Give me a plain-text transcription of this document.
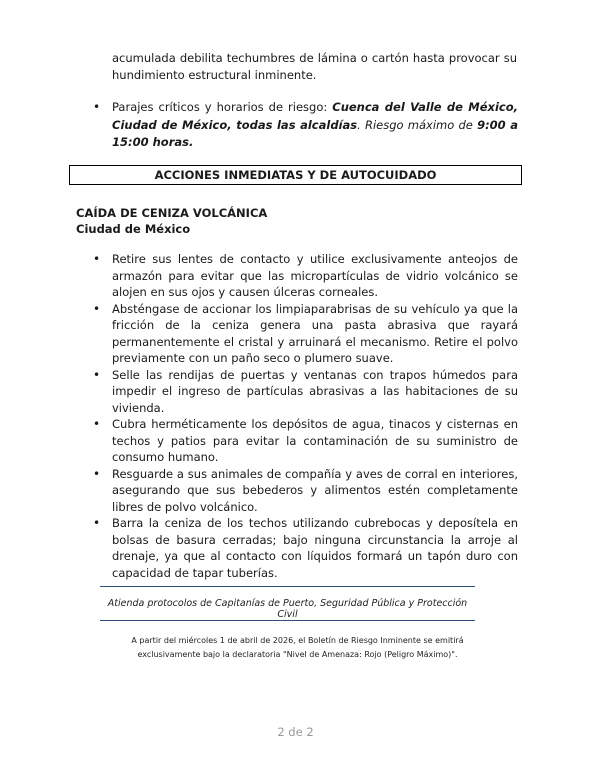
acumulada debilita techumbres de lámina o cartón hasta provocar su hundimiento estructural inminente.

• Parajes críticos y horarios de riesgo: Cuenca del Valle de México, Ciudad de México, todas las alcaldías. Riesgo máximo de 9:00 a 15:00 horas.
ACCIONES INMEDIATAS Y DE AUTOCUIDADO
CAÍDA DE CENIZA VOLCÁNICA
Ciudad de México
• Retire sus lentes de contacto y utilice exclusivamente anteojos de armazón para evitar que las micropartículas de vidrio volcánico se alojen en sus ojos y causen úlceras corneales.
• Absténgase de accionar los limpiaparabrisas de su vehículo ya que la fricción de la ceniza genera una pasta abrasiva que rayará permanentemente el cristal y arruinará el mecanismo. Retire el polvo previamente con un paño seco o plumero suave.
• Selle las rendijas de puertas y ventanas con trapos húmedos para impedir el ingreso de partículas abrasivas a las habitaciones de su vivienda.
• Cubra herméticamente los depósitos de agua, tinacos y cisternas en techos y patios para evitar la contaminación de su suministro de consumo humano.
• Resguarde a sus animales de compañía y aves de corral en interiores, asegurando que sus bebederos y alimentos estén completamente libres de polvo volcánico.
• Barra la ceniza de los techos utilizando cubrebocas y deposítela en bolsas de basura cerradas; bajo ninguna circunstancia la arroje al drenaje, ya que al contacto con líquidos formará un tapón duro con capacidad de tapar tuberías.
Atienda protocolos de Capitanías de Puerto, Seguridad Pública y Protección Civil
A partir del miércoles 1 de abril de 2026, el Boletín de Riesgo Inminente se emitirá
exclusivamente bajo la declaratoria "Nivel de Amenaza: Rojo (Peligro Máximo)".
2 de 2
